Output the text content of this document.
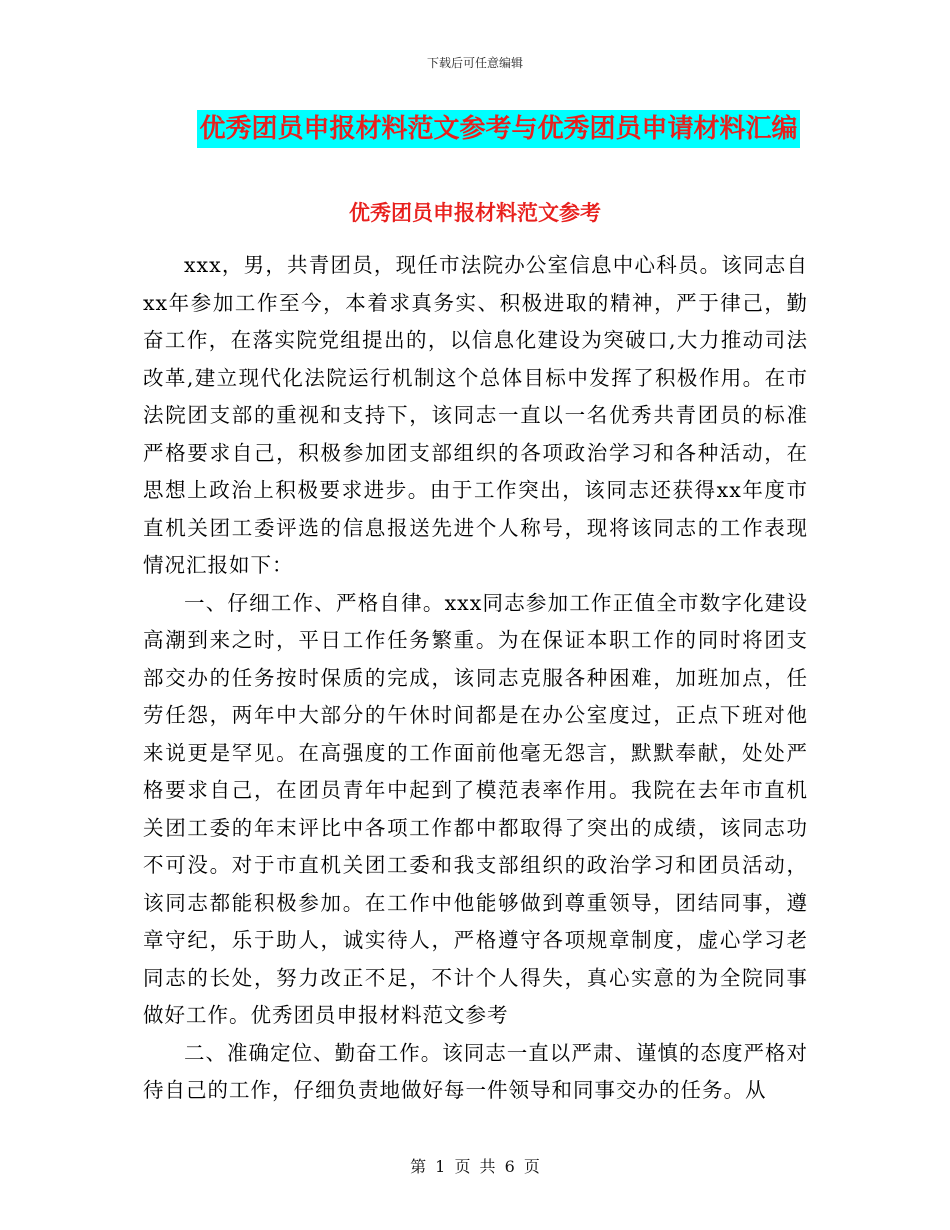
下载后可任意编辑
优秀团员申报材料范文参考与优秀团员申请材料汇编
优秀团员申报材料范文参考

xxx，男，共青团员，现任市法院办公室信息中心科员。该同志自xx年参加工作至今，本着求真务实、积极进取的精神，严于律己，勤奋工作，在落实院党组提出的，以信息化建设为突破口,大力推动司法改革,建立现代化法院运行机制这个总体目标中发挥了积极作用。在市法院团支部的重视和支持下，该同志一直以一名优秀共青团员的标准严格要求自己，积极参加团支部组织的各项政治学习和各种活动，在思想上政治上积极要求进步。由于工作突出，该同志还获得xx年度市直机关团工委评选的信息报送先进个人称号，现将该同志的工作表现情况汇报如下：

一、仔细工作、严格自律。xxx同志参加工作正值全市数字化建设高潮到来之时，平日工作任务繁重。为在保证本职工作的同时将团支部交办的任务按时保质的完成，该同志克服各种困难，加班加点，任劳任怨，两年中大部分的午休时间都是在办公室度过，正点下班对他来说更是罕见。在高强度的工作面前他毫无怨言，默默奉献，处处严格要求自己，在团员青年中起到了模范表率作用。我院在去年市直机关团工委的年末评比中各项工作都中都取得了突出的成绩，该同志功不可没。对于市直机关团工委和我支部组织的政治学习和团员活动，该同志都能积极参加。在工作中他能够做到尊重领导，团结同事，遵章守纪，乐于助人，诚实待人，严格遵守各项规章制度，虚心学习老同志的长处，努力改正不足，不计个人得失，真心实意的为全院同事做好工作。优秀团员申报材料范文参考

二、准确定位、勤奋工作。该同志一直以严肃、谨慎的态度严格对待自己的工作，仔细负责地做好每一件领导和同事交办的任务。从

第 1 页 共 6 页
